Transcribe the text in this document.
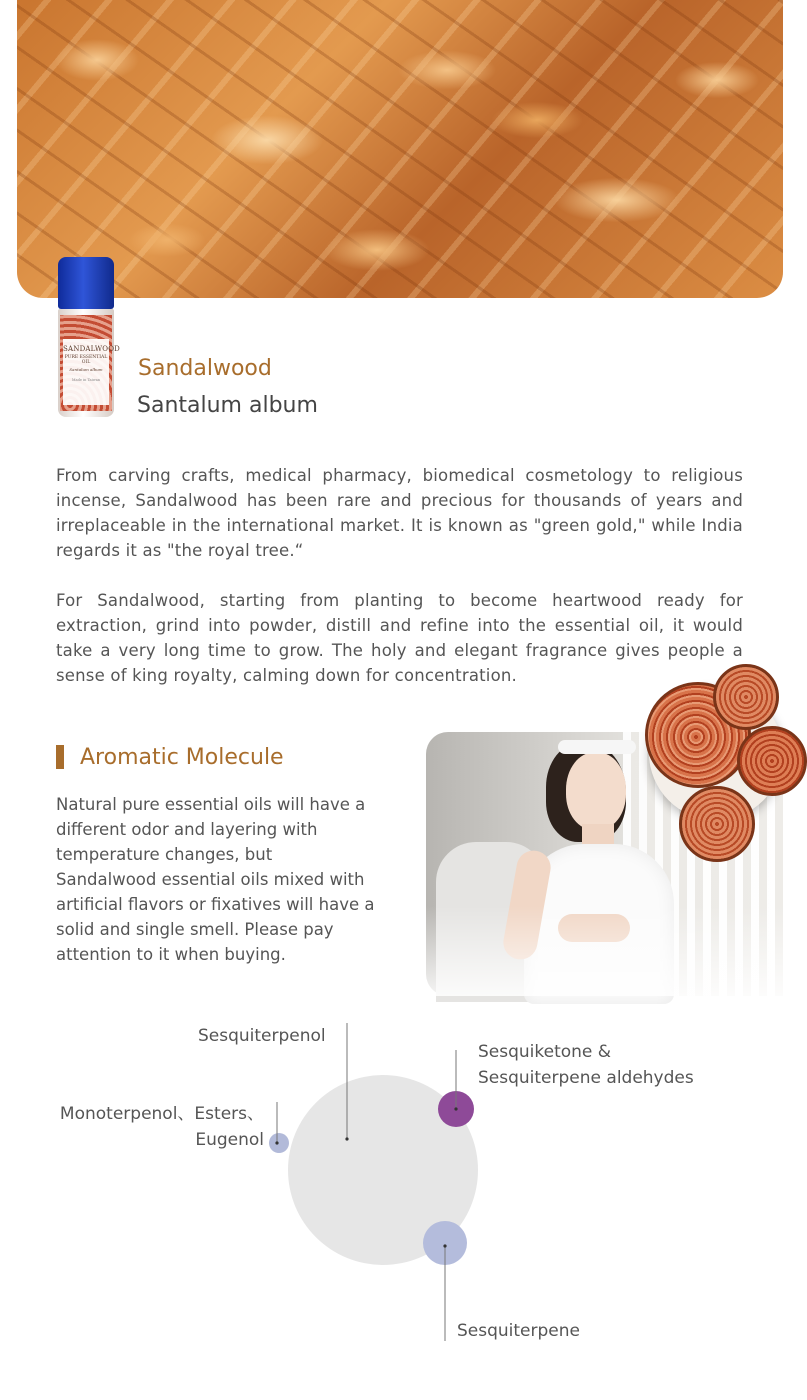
SANDALWOOD
PURE ESSENTIAL OIL
Santalum album
Made in Taiwan	Sandalwood
Santalum album
From carving crafts, medical pharmacy, biomedical cosmetology to religious incense, Sandalwood has been rare and precious for thousands of years and irreplaceable in the international market. It is known as "green gold," while India regards it as "the royal tree.“
For Sandalwood, starting from planting to become heartwood ready for extraction, grind into powder, distill and refine into the essential oil, it would take a very long time to grow. The holy and elegant fragrance gives people a sense of king royalty, calming down for concentration.
Aromatic Molecule
Natural pure essential oils will have a different odor and layering with temperature changes, but Sandalwood essential oils mixed with artificial flavors or fixatives will have a solid and single smell. Please pay attention to it when buying.
Sesquiterpenol
Sesquiketone &
Sesquiterpene aldehydes
Monoterpenol、Esters、
Eugenol
Sesquiterpene
